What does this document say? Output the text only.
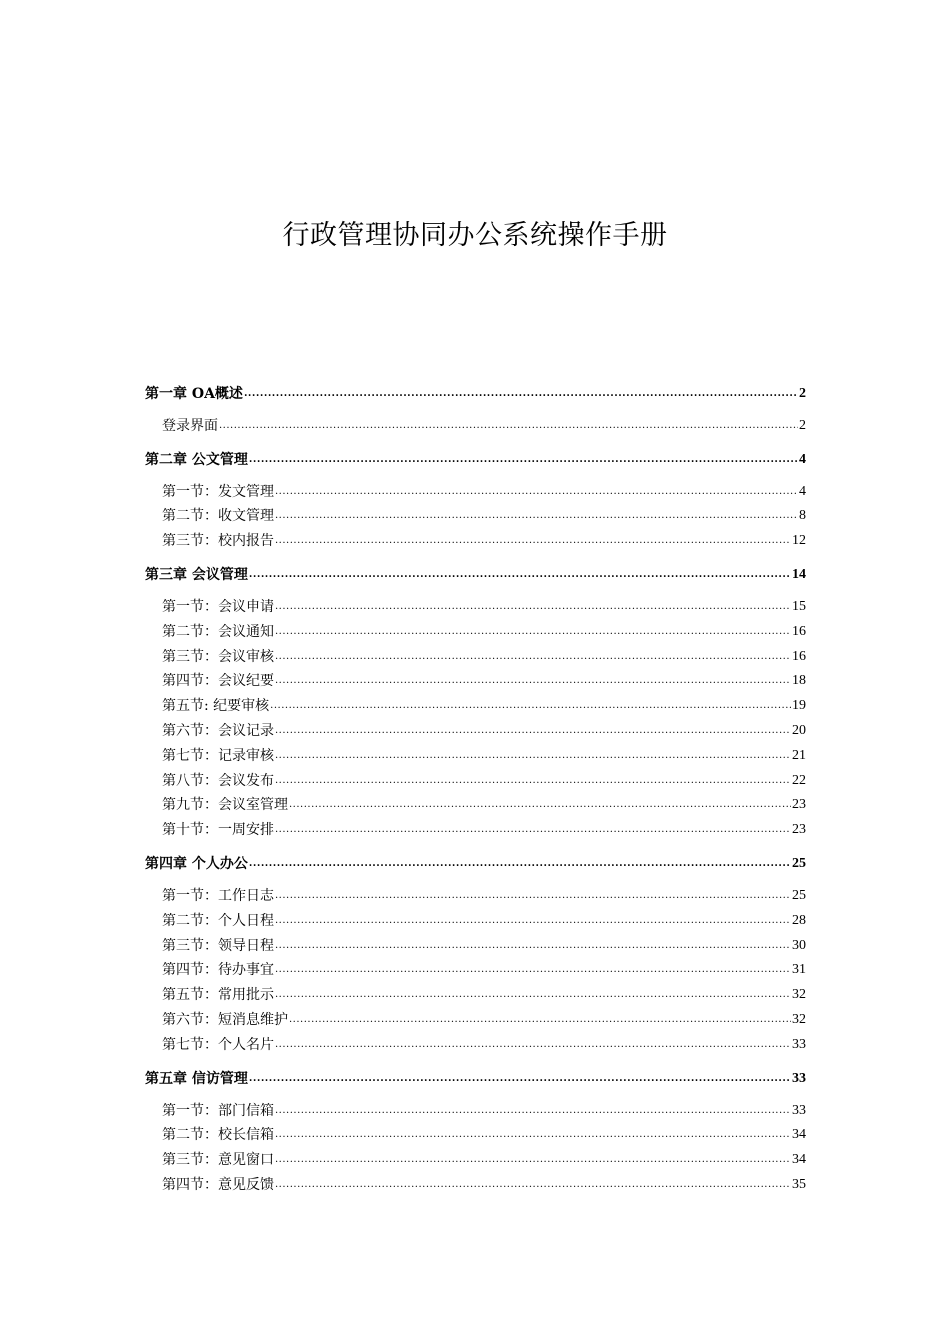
行政管理协同办公系统操作手册
第一章 OA概述 .....	2
登录界面 .....	2
第二章 公文管理 .....	4
第一节：发文管理 .....	4
第二节：收文管理 .....	8
第三节：校内报告 .....	12
第三章 会议管理 .....	14
第一节：会议申请 .....	15
第二节：会议通知 .....	16
第三节：会议审核 .....	16
第四节：会议纪要 .....	18
第五节: 纪要审核 .....	19
第六节：会议记录 .....	20
第七节：记录审核 .....	21
第八节：会议发布 .....	22
第九节：会议室管理 .....	23
第十节：一周安排 .....	23
第四章 个人办公 .....	25
第一节：工作日志 .....	25
第二节：个人日程 .....	28
第三节：领导日程 .....	30
第四节：待办事宜 .....	31
第五节：常用批示 .....	32
第六节：短消息维护 .....	32
第七节：个人名片 .....	33
第五章 信访管理 .....	33
第一节：部门信箱 .....	33
第二节：校长信箱 .....	34
第三节：意见窗口 .....	34
第四节：意见反馈 .....	35
